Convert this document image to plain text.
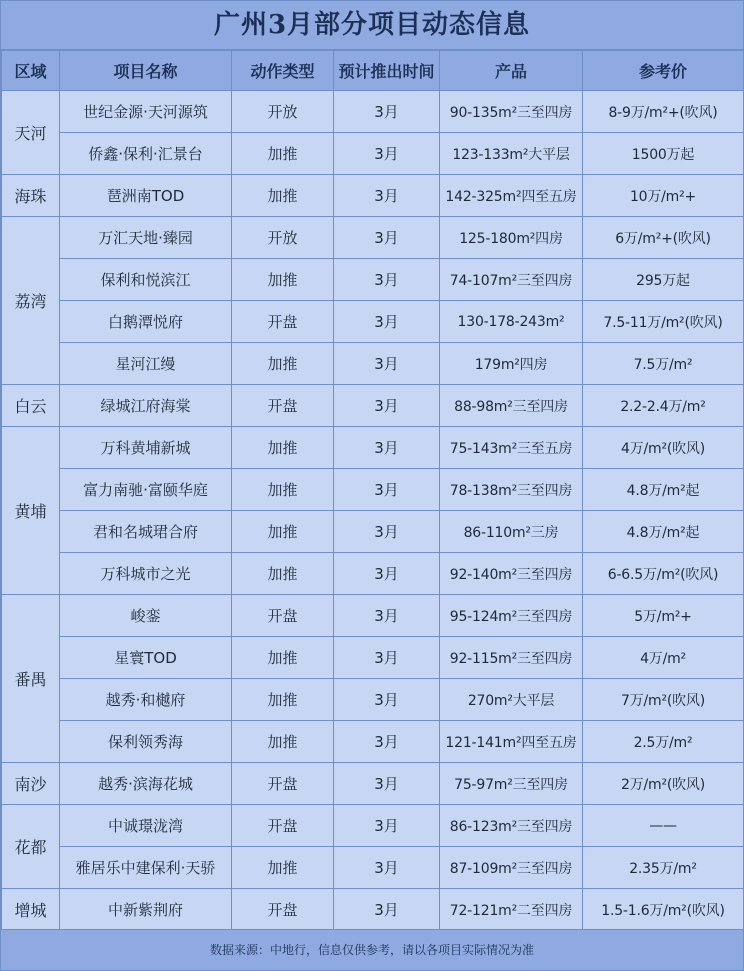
广州3月部分项目动态信息
区域	项目名称	动作类型	预计推出时间	产品	参考价
天河	世纪金源·天河源筑	开放	3月	90-135m²三至四房	8-9万/m²+(吹风)
	侨鑫·保利·汇景台	加推	3月	123-133m²大平层	1500万起
海珠	琶洲南TOD	加推	3月	142-325m²四至五房	10万/m²+
荔湾	万汇天地·臻园	开放	3月	125-180m²四房	6万/m²+(吹风)
	保利和悦滨江	加推	3月	74-107m²三至四房	295万起
	白鹅潭悦府	开盘	3月	130-178-243m²	7.5-11万/m²(吹风)
	星河江缦	加推	3月	179m²四房	7.5万/m²
白云	绿城江府海棠	开盘	3月	88-98m²三至四房	2.2-2.4万/m²
黄埔	万科黄埔新城	加推	3月	75-143m²三至五房	4万/m²(吹风)
	富力南驰·富颐华庭	加推	3月	78-138m²三至四房	4.8万/m²起
	君和名城珺合府	加推	3月	86-110m²三房	4.8万/m²起
	万科城市之光	加推	3月	92-140m²三至四房	6-6.5万/m²(吹风)
番禺	峻銮	开盘	3月	95-124m²三至四房	5万/m²+
	星寰TOD	加推	3月	92-115m²三至四房	4万/m²
	越秀·和樾府	加推	3月	270m²大平层	7万/m²(吹风)
	保利领秀海	加推	3月	121-141m²四至五房	2.5万/m²
南沙	越秀·滨海花城	开盘	3月	75-97m²三至四房	2万/m²(吹风)
花都	中诚璟泷湾	开盘	3月	86-123m²三至四房	——
	雅居乐中建保利·天骄	加推	3月	87-109m²三至四房	2.35万/m²
增城	中新紫荆府	开盘	3月	72-121m²二至四房	1.5-1.6万/m²(吹风)
数据来源：中地行，信息仅供参考，请以各项目实际情况为准
